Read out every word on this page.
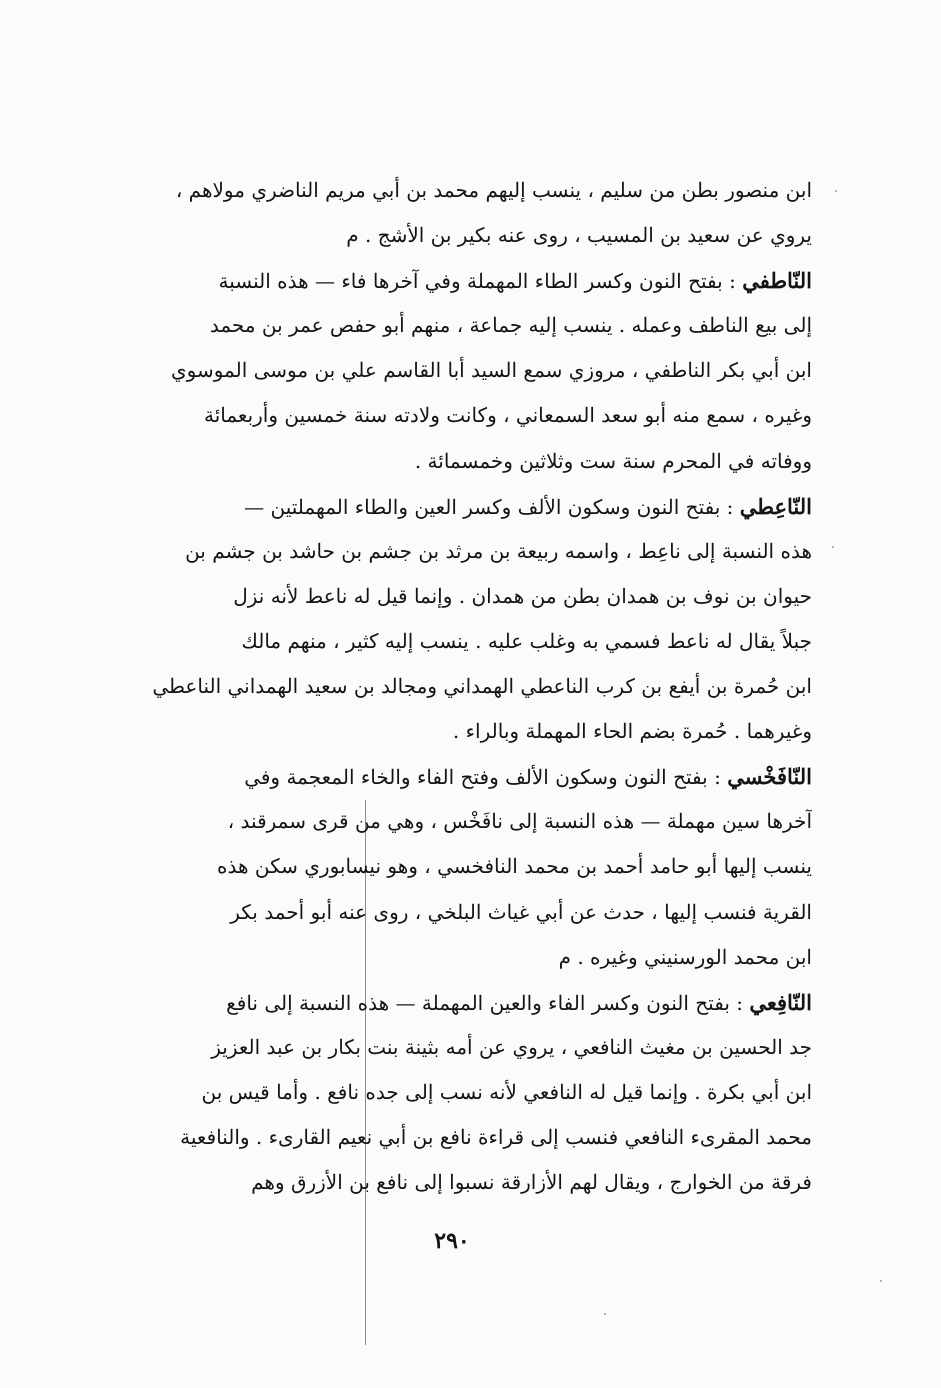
ابن منصور بطن من سليم ، ينسب إليهم محمد بن أبي مريم الناضري مولاهم ،
يروي عن سعيد بن المسيب ، روى عنه بكير بن الأشج . م
النّاطفي : بفتح النون وكسر الطاء المهملة وفي آخرها فاء — هذه النسبة
إلى بيع الناطف وعمله . ينسب إليه جماعة ، منهم أبو حفص عمر بن محمد
ابن أبي بكر الناطفي ، مروزي سمع السيد أبا القاسم علي بن موسى الموسوي
وغيره ، سمع منه أبو سعد السمعاني ، وكانت ولادته سنة خمسين وأربعمائة
ووفاته في المحرم سنة ست وثلاثين وخمسمائة .
النّاعِطي : بفتح النون وسكون الألف وكسر العين والطاء المهملتين —
هذه النسبة إلى ناعِط ، واسمه ربيعة بن مرثد بن جشم بن حاشد بن جشم بن
حيوان بن نوف بن همدان بطن من همدان . وإنما قيل له ناعط لأنه نزل
جبلاً يقال له ناعط فسمي به وغلب عليه . ينسب إليه كثير ، منهم مالك
ابن حُمرة بن أيفع بن كرب الناعطي الهمداني ومجالد بن سعيد الهمداني الناعطي
وغيرهما . حُمرة بضم الحاء المهملة وبالراء .
النّافَخْسي : بفتح النون وسكون الألف وفتح الفاء والخاء المعجمة وفي
آخرها سين مهملة — هذه النسبة إلى نافَخْس ، وهي من قرى سمرقند ،
ينسب إليها أبو حامد أحمد بن محمد النافخسي ، وهو نيسابوري سكن هذه
القرية فنسب إليها ، حدث عن أبي غياث البلخي ، روى عنه أبو أحمد بكر
ابن محمد الورسنيني وغيره . م
النّافِعي : بفتح النون وكسر الفاء والعين المهملة — هذه النسبة إلى نافع
جد الحسين بن مغيث النافعي ، يروي عن أمه بثينة بنت بكار بن عبد العزيز
ابن أبي بكرة . وإنما قيل له النافعي لأنه نسب إلى جده نافع . وأما قيس بن
محمد المقرىء النافعي فنسب إلى قراءة نافع بن أبي نعيم القارىء . والنافعية
فرقة من الخوارج ، ويقال لهم الأزارقة نسبوا إلى نافع بن الأزرق وهم
٢٩٠
